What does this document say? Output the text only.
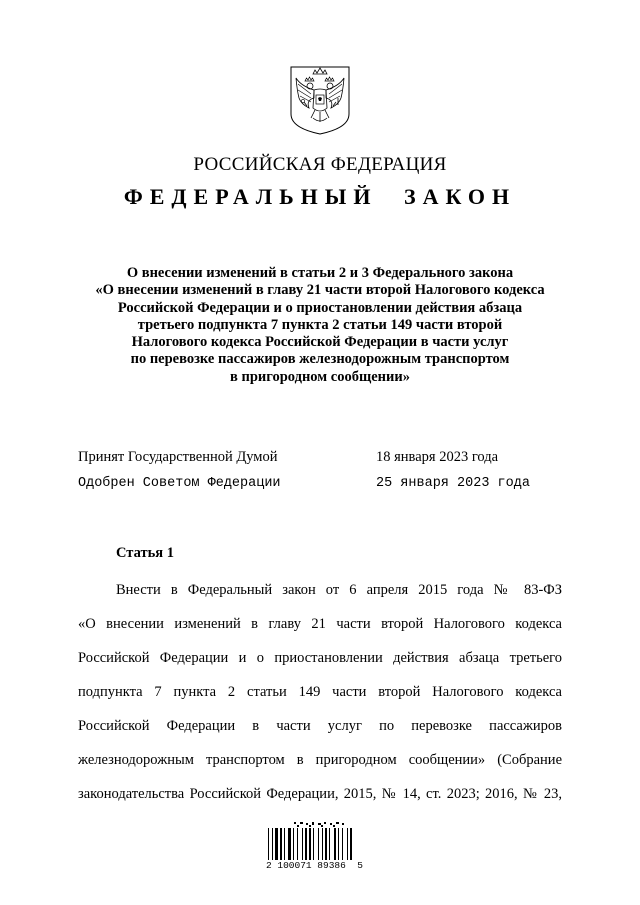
РОССИЙСКАЯ ФЕДЕРАЦИЯ
ФЕДЕРАЛЬНЫЙ ЗАКОН
О внесении изменений в статьи 2 и 3 Федерального закона
«О внесении изменений в главу 21 части второй Налогового кодекса
Российской Федерации и о приостановлении действия абзаца
третьего подпункта 7 пункта 2 статьи 149 части второй
Налогового кодекса Российской Федерации в части услуг
по перевозке пассажиров железнодорожным транспортом
в пригородном сообщении»
Принят Государственной Думой	18 января 2023 года
Одобрен Советом Федерации	25 января 2023 года
Статья 1
Внести в Федеральный закон от 6 апреля 2015 года № 83-ФЗ
«О внесении изменений в главу 21 части второй Налогового кодекса
Российской Федерации и о приостановлении действия абзаца третьего
подпункта 7 пункта 2 статьи 149 части второй Налогового кодекса
Российской Федерации в части услуг по перевозке пассажиров
железнодорожным транспортом в пригородном сообщении» (Собрание
законодательства Российской Федерации, 2015, № 14, ст. 2023; 2016, № 23,
2 100071 89386  5
